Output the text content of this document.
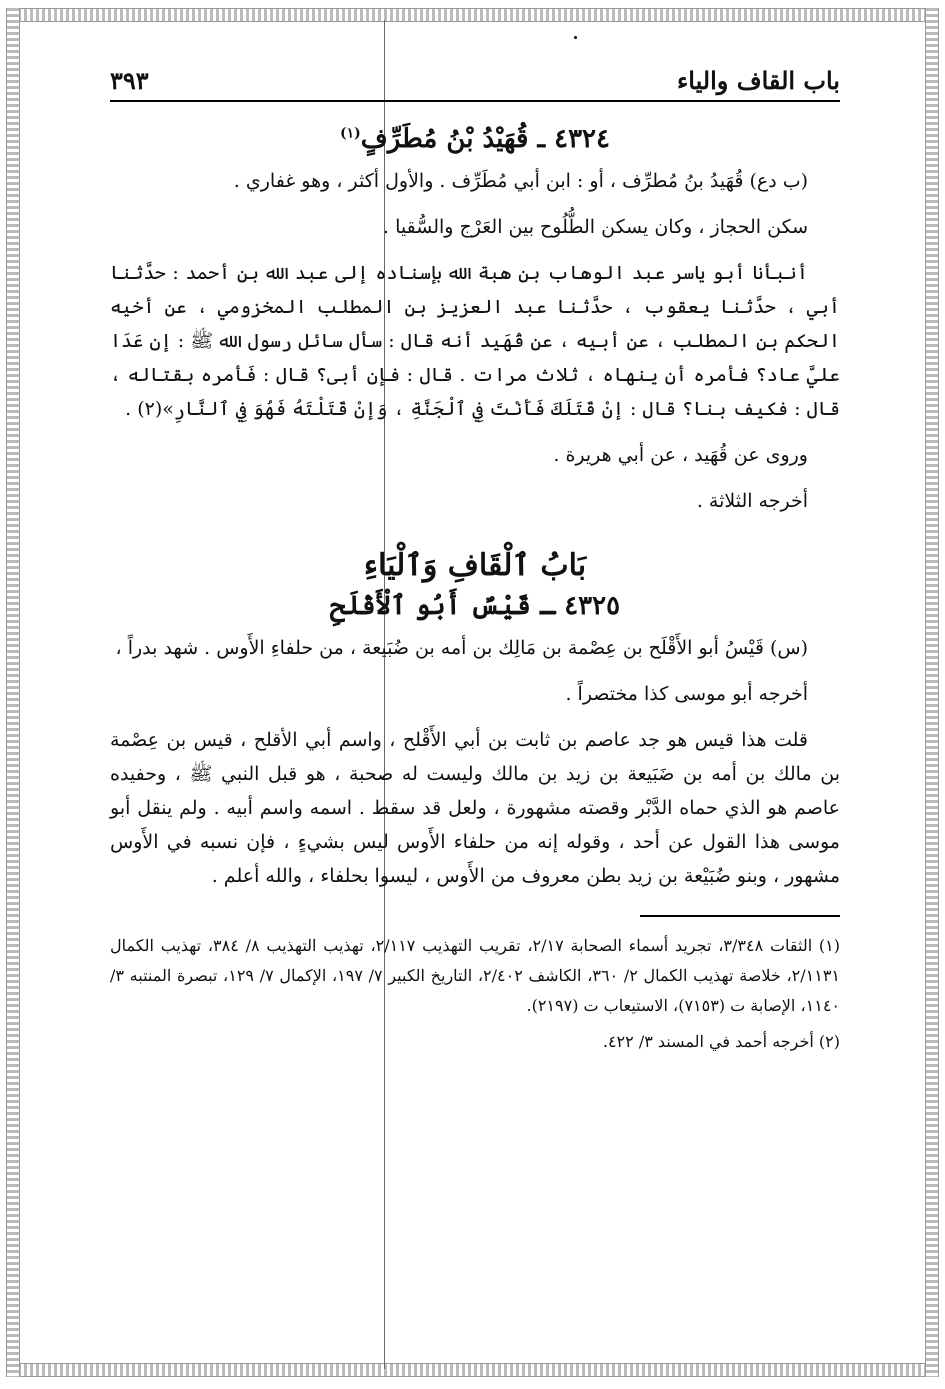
باب القاف والياء
٣٩٣
٤٣٢٤ ـ قُهَيْدُ بْنُ مُطَرِّفٍ$^{(١)}$

(ب دع) قُهَيدُ بنُ مُطرِّف ، أو : ابن أبي مُطَرِّف . والأول أكثر ، وهو غفاري .

سكن الحجاز ، وكان يسكن الطُّلُوح بين العَرْج والسُّقيا .

أنبأنا أبو ياسر عبد الوهاب بن هبة الله بإسناده إلى عبد الله بن أحمد : حدَّثنا أبي ، حدَّثنا يعقوب ، حدَّثنا عبد العزيز بن المطلب المخزومي ، عن أخيه الحكم بن المطلب ، عن أبيه ، عن قُهَيد أنه قال : سأل سائل رسول الله ﷺ : إن عَدَا عليَّ عاد؟ فأمره أن ينهاه ، ثلاث مرات . قال : فإن أبى؟ قال : فَأمره بقتاله ، قال : فكيف بنا؟ قال : إنْ قَتَلَكَ فَأَنْتَ فِي ٱلْجَنَّةِ ، وَإنْ قَتَلْتَهُ فَهُوَ فِي ٱلنَّارِ»(٢) .

وروى عن قُهَيد ، عن أبي هريرة .

أخرجه الثلاثة .

بَابُ ٱلْقَافِ وَٱلْيَاءِ
٤٣٢٥ ـ قَيْسٌ أَبُو ٱلْأَقْلَحِ

(س) قَيْسُ أبو الأَقْلَح بن عِصْمة بن مَالِك بن أمه بن ضُبَيعة ، من حلفاءِ الأَوس . شهد بدراً ،

أخرجه أبو موسى كذا مختصراً .

قلت هذا قيس هو جد عاصم بن ثابت بن أبي الأَقْلح ، واسم أبي الأقلح ، قيس بن عِصْمة بن مالك بن أمه بن ضَبَيعة بن زيد بن مالك وليست له صحبة ، هو قبل النبي ﷺ ، وحفيده عاصم هو الذي حماه الدَّبْر وقصته مشهورة ، ولعل قد سقط . اسمه واسم أبيه . ولم ينقل أبو موسى هذا القول عن أحد ، وقوله إنه من حلفاء الأَوس ليس بشيءٍ ، فإن نسبه في الأَوس مشهور ، وبنو ضُبَيْعة بن زيد بطن معروف من الأَوس ، ليسوا بحلفاء ، والله أعلم .

(١) الثقات ٣/٣٤٨، تجريد أسماء الصحابة ٢/١٧، تقريب التهذيب ٢/١١٧، تهذيب التهذيب ٨/ ٣٨٤، تهذيب الكمال ٢/١١٣١، خلاصة تهذيب الكمال ٢/ ٣٦٠، الكاشف ٢/٤٠٢، التاريخ الكبير ٧/ ١٩٧، الإكمال ٧/ ١٢٩، تبصرة المنتبه ٣/ ١١٤٠، الإصابة ت (٧١٥٣)، الاستيعاب ت (٢١٩٧).

(٢) أخرجه أحمد في المسند ٣/ ٤٢٢.
